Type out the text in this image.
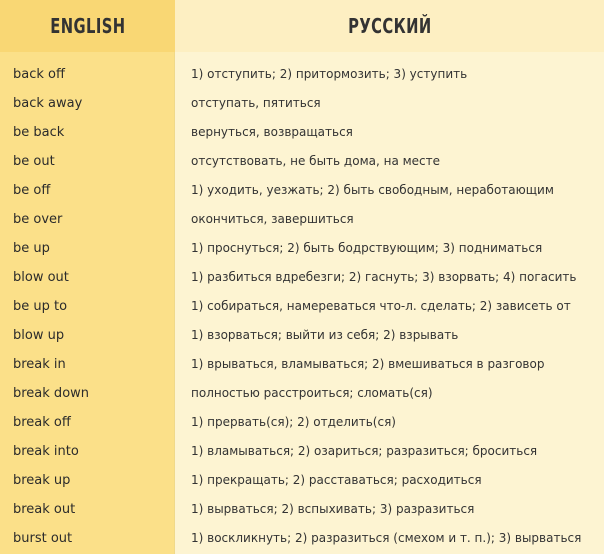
ENGLISH	РУССКИЙ
back off	1) отступить; 2) притормозить; 3) уступить
back away	отступать, пятиться
be back	вернуться, возвращаться
be out	отсутствовать, не быть дома, на месте
be off	1) уходить, уезжать; 2) быть свободным, неработающим
be over	окончиться, завершиться
be up	1) проснуться; 2) быть бодрствующим; 3) подниматься
blow out	1) разбиться вдребезги; 2) гаснуть; 3) взорвать; 4) погасить
be up to	1) собираться, намереваться что-л. сделать; 2) зависеть от
blow up	1) взорваться; выйти из себя; 2) взрывать
break in	1) врываться, вламываться; 2) вмешиваться в разговор
break down	полностью расстроиться; сломать(ся)
break off	1) прервать(ся); 2) отделить(ся)
break into	1) вламываться; 2) озариться; разразиться; броситься
break up	1) прекращать; 2) расставаться; расходиться
break out	1) вырваться; 2) вспыхивать; 3) разразиться
burst out	1) воскликнуть; 2) разразиться (смехом и т. п.); 3) вырваться
